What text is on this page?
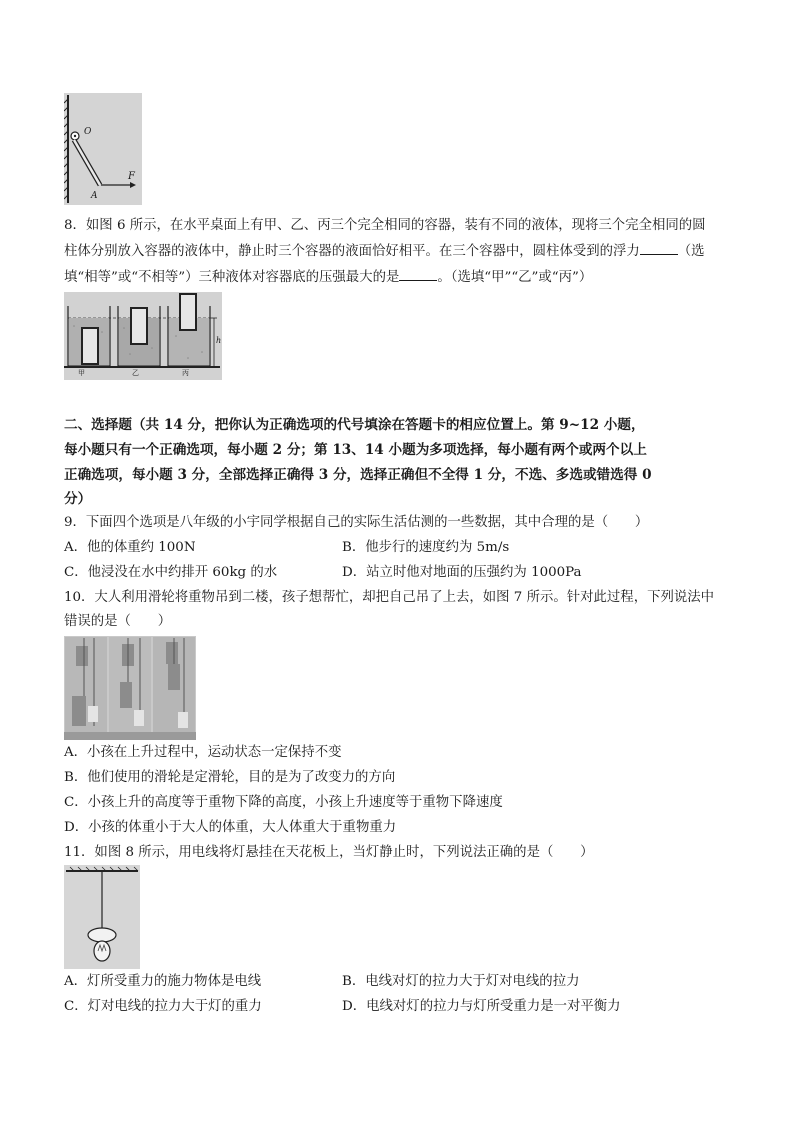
O
A
F
8．如图 6 所示，在水平桌面上有甲、乙、丙三个完全相同的容器，装有不同的液体，现将三个完全相同的圆
柱体分别放入容器的液体中，静止时三个容器的液面恰好相平。在三个容器中，圆柱体受到的浮力	（选
填“相等”或“不相等”）三种液体对容器底的压强最大的是	。（选填“甲”“乙”或“丙”）
甲	乙	丙
h
二、选择题（共 14 分，把你认为正确选项的代号填涂在答题卡的相应位置上。第 9~12 小题，
每小题只有一个正确选项，每小题 2 分；第 13、14 小题为多项选择，每小题有两个或两个以上
正确选项，每小题 3 分，全部选择正确得 3 分，选择正确但不全得 1 分，不选、多选或错选得 0
分）
9．下面四个选项是八年级的小宇同学根据自己的实际生活估测的一些数据，其中合理的是（　　）
A．他的体重约 100N	B．他步行的速度约为 5m/s
C．他浸没在水中约排开 60kg 的水	D．站立时他对地面的压强约为 1000Pa
10．大人利用滑轮将重物吊到二楼，孩子想帮忙，却把自己吊了上去，如图 7 所示。针对此过程，下列说法中
错误的是（　　）
A．小孩在上升过程中，运动状态一定保持不变
B．他们使用的滑轮是定滑轮，目的是为了改变力的方向
C．小孩上升的高度等于重物下降的高度，小孩上升速度等于重物下降速度
D．小孩的体重小于大人的体重，大人体重大于重物重力
11．如图 8 所示，用电线将灯悬挂在天花板上，当灯静止时，下列说法正确的是（　　）
A．灯所受重力的施力物体是电线	B．电线对灯的拉力大于灯对电线的拉力
C．灯对电线的拉力大于灯的重力	D．电线对灯的拉力与灯所受重力是一对平衡力
